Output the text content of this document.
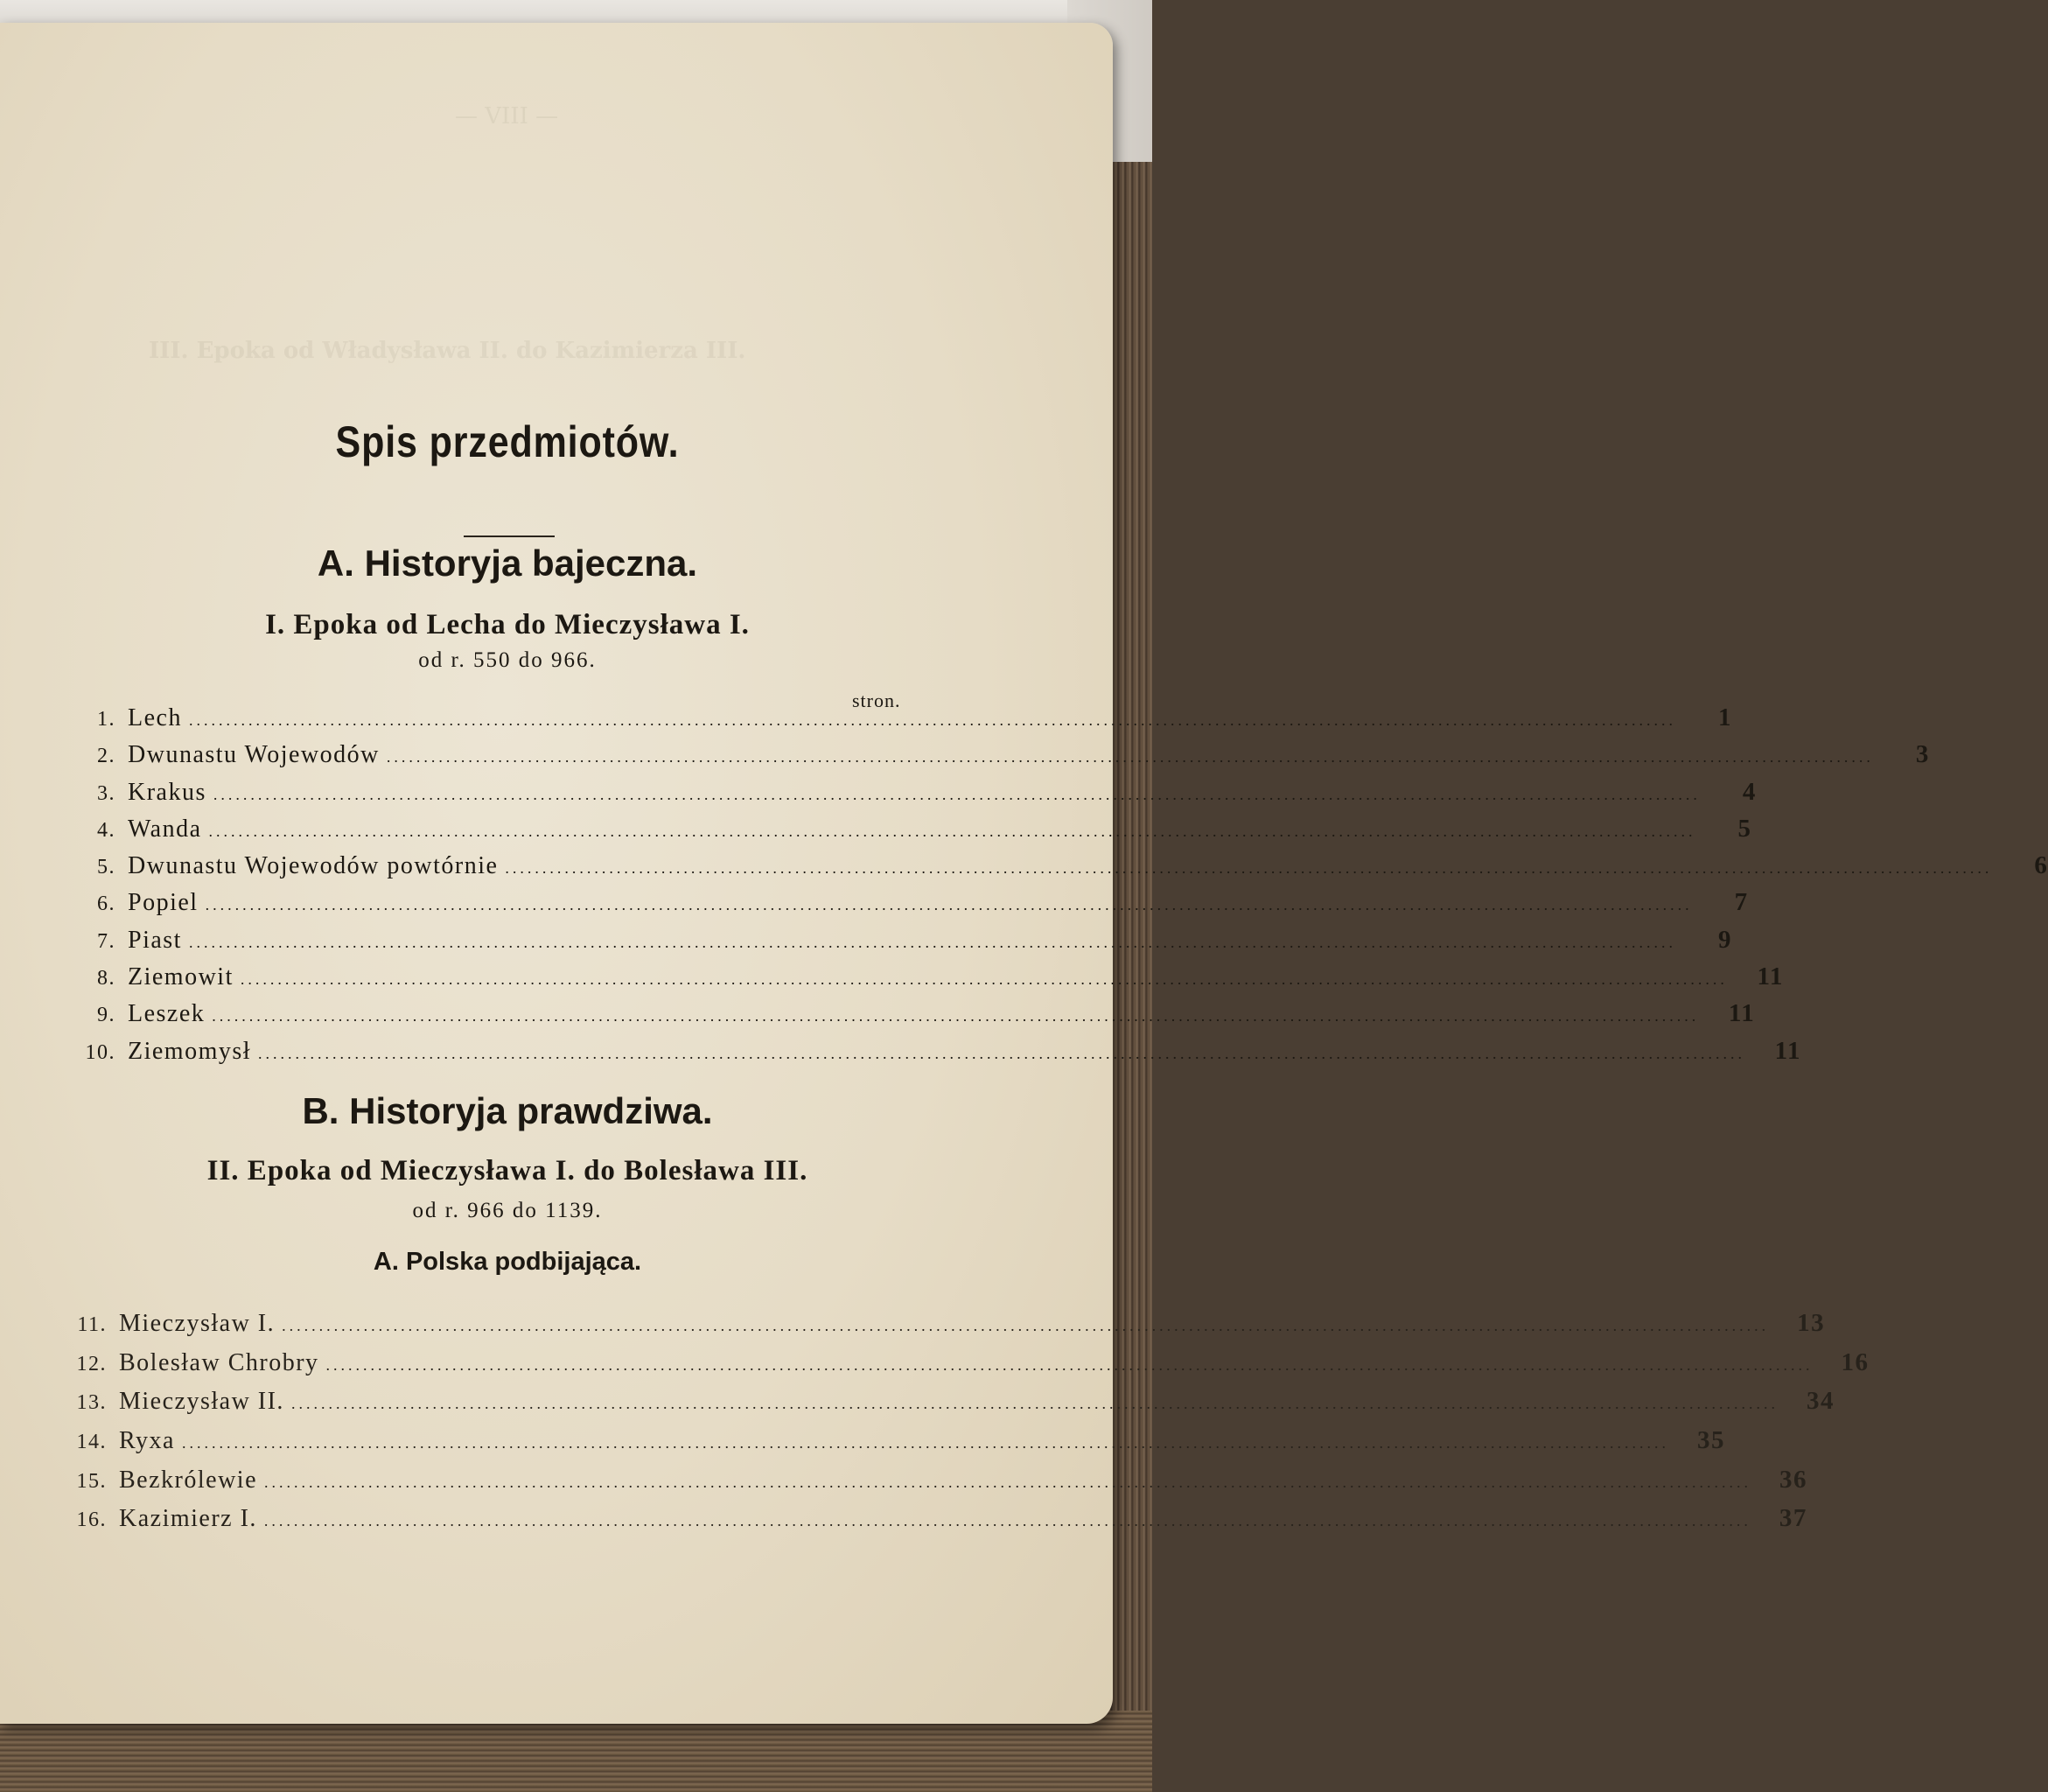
— VIII —
III. Epoka od Władysława II. do Kazimierza III.
Spis przedmiotów.
A. Historyja bajeczna.
I. Epoka od Lecha do Mieczysława I.
od r. 550 do 966.
stron.
1. Lech ........................................................................................................................................................................................................	1
2. Dwunastu Wojewodów ........................................................................................................................................................................................................	3
3. Krakus ........................................................................................................................................................................................................	4
4. Wanda ........................................................................................................................................................................................................	5
5. Dwunastu Wojewodów powtórnie ........................................................................................................................................................................................................	6
6. Popiel ........................................................................................................................................................................................................	7
7. Piast ........................................................................................................................................................................................................	9
8. Ziemowit ........................................................................................................................................................................................................	11
9. Leszek ........................................................................................................................................................................................................	11
10. Ziemomysł ........................................................................................................................................................................................................	11
B. Historyja prawdziwa.
II. Epoka od Mieczysława I. do Bolesława III.
od r. 966 do 1139.
A. Polska podbijająca.
11. Mieczysław I. ........................................................................................................................................................................................................	13
12. Bolesław Chrobry ........................................................................................................................................................................................................	16
13. Mieczysław II. ........................................................................................................................................................................................................	34
14. Ryxa ........................................................................................................................................................................................................	35
15. Bezkrólewie ........................................................................................................................................................................................................	36
16. Kazimierz I. ........................................................................................................................................................................................................	37
